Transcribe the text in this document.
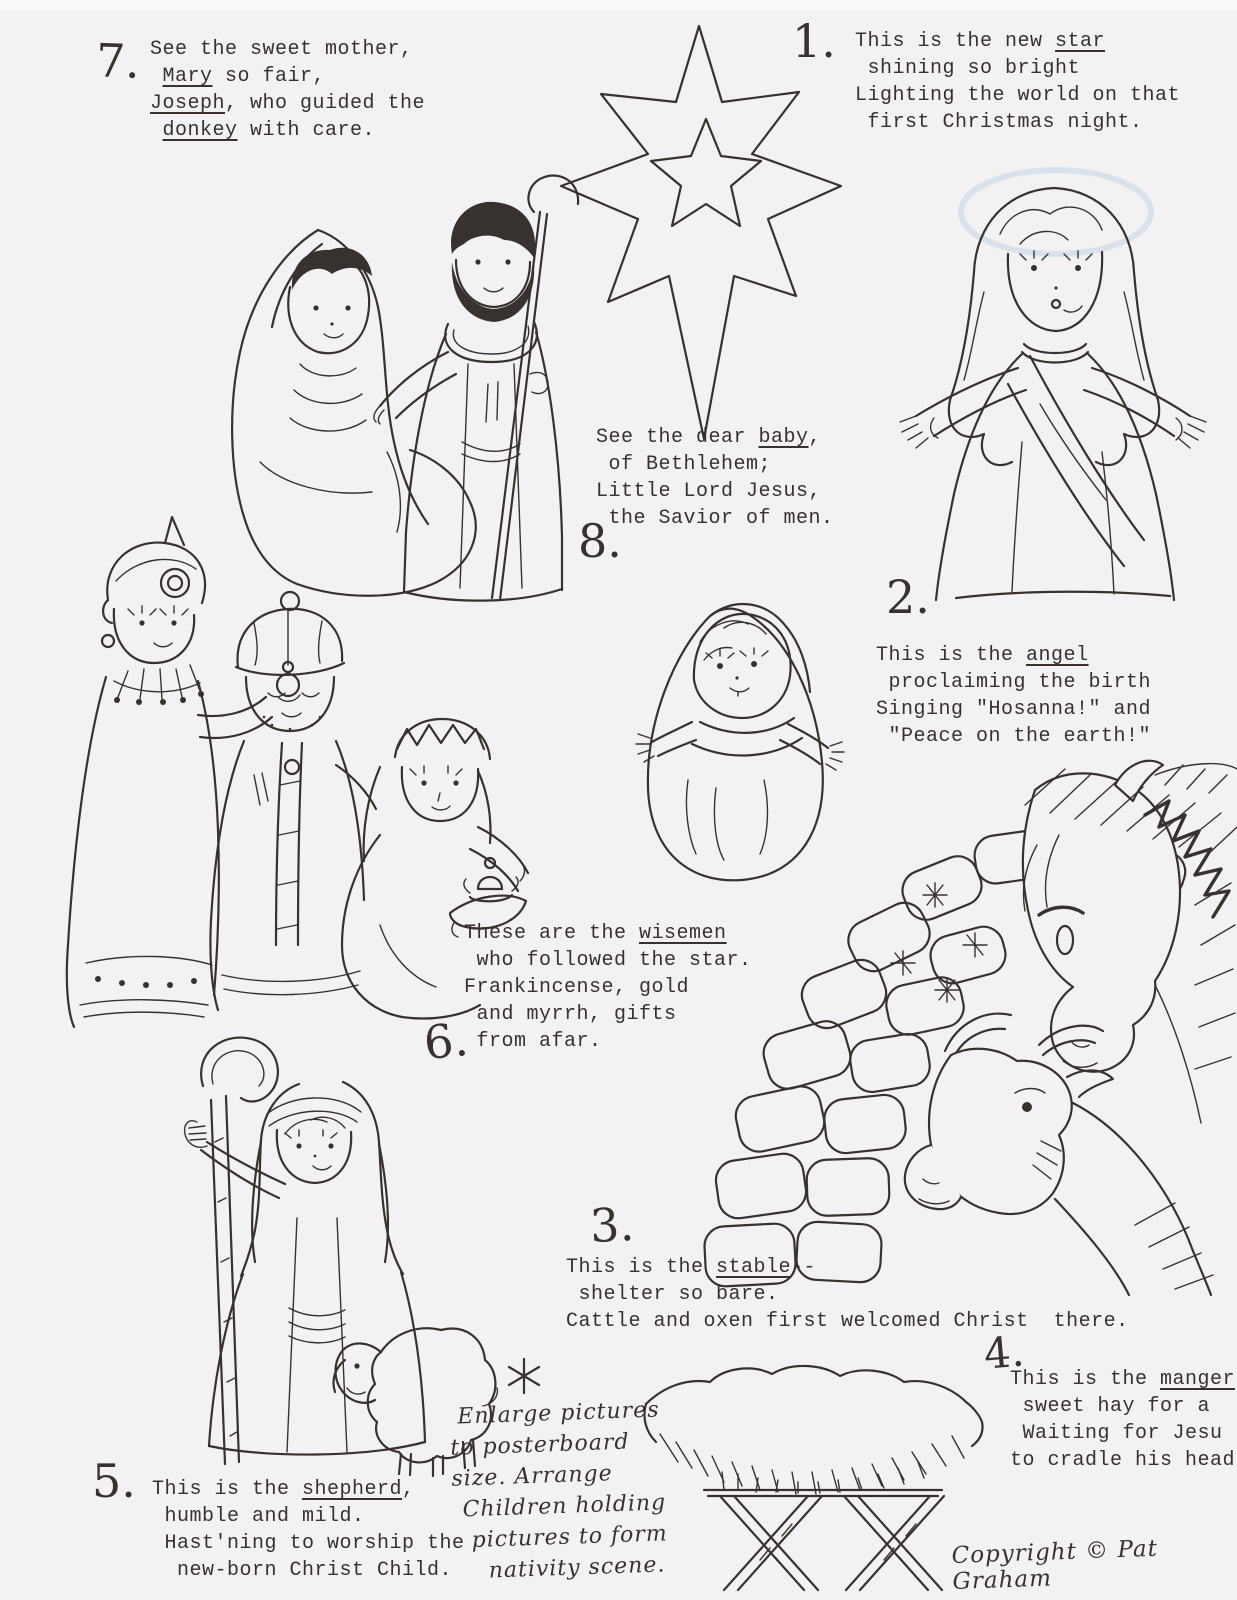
7. See the sweet mother,
Mary so fair,
Joseph, who guided the
donkey with care.
1. This is the new star
shining so bright
Lighting the world on that
first Christmas night.
See the dear baby,
of Bethlehem;
Little Lord Jesus,
the Savior of men.
8.
2.
This is the angel
proclaiming the birth
Singing "Hosanna!" and
"Peace on the earth!"
These are the wisemen
who followed the star.
Frankincense, gold
and myrrh, gifts
from afar.
6.
3.
This is the stable--
shelter so bare.
Cattle and oxen first welcomed Christ  there.
5. This is the shepherd,
humble and mild.
Hast'ning to worship the
new-born Christ Child.
Enlarge pictures
to posterboard
size. Arrange
Children holding
pictures to form
nativity scene.
4.
This is the manger
sweet hay for a
Waiting for Jesu
to cradle his head
Copyright © Pat Graham
